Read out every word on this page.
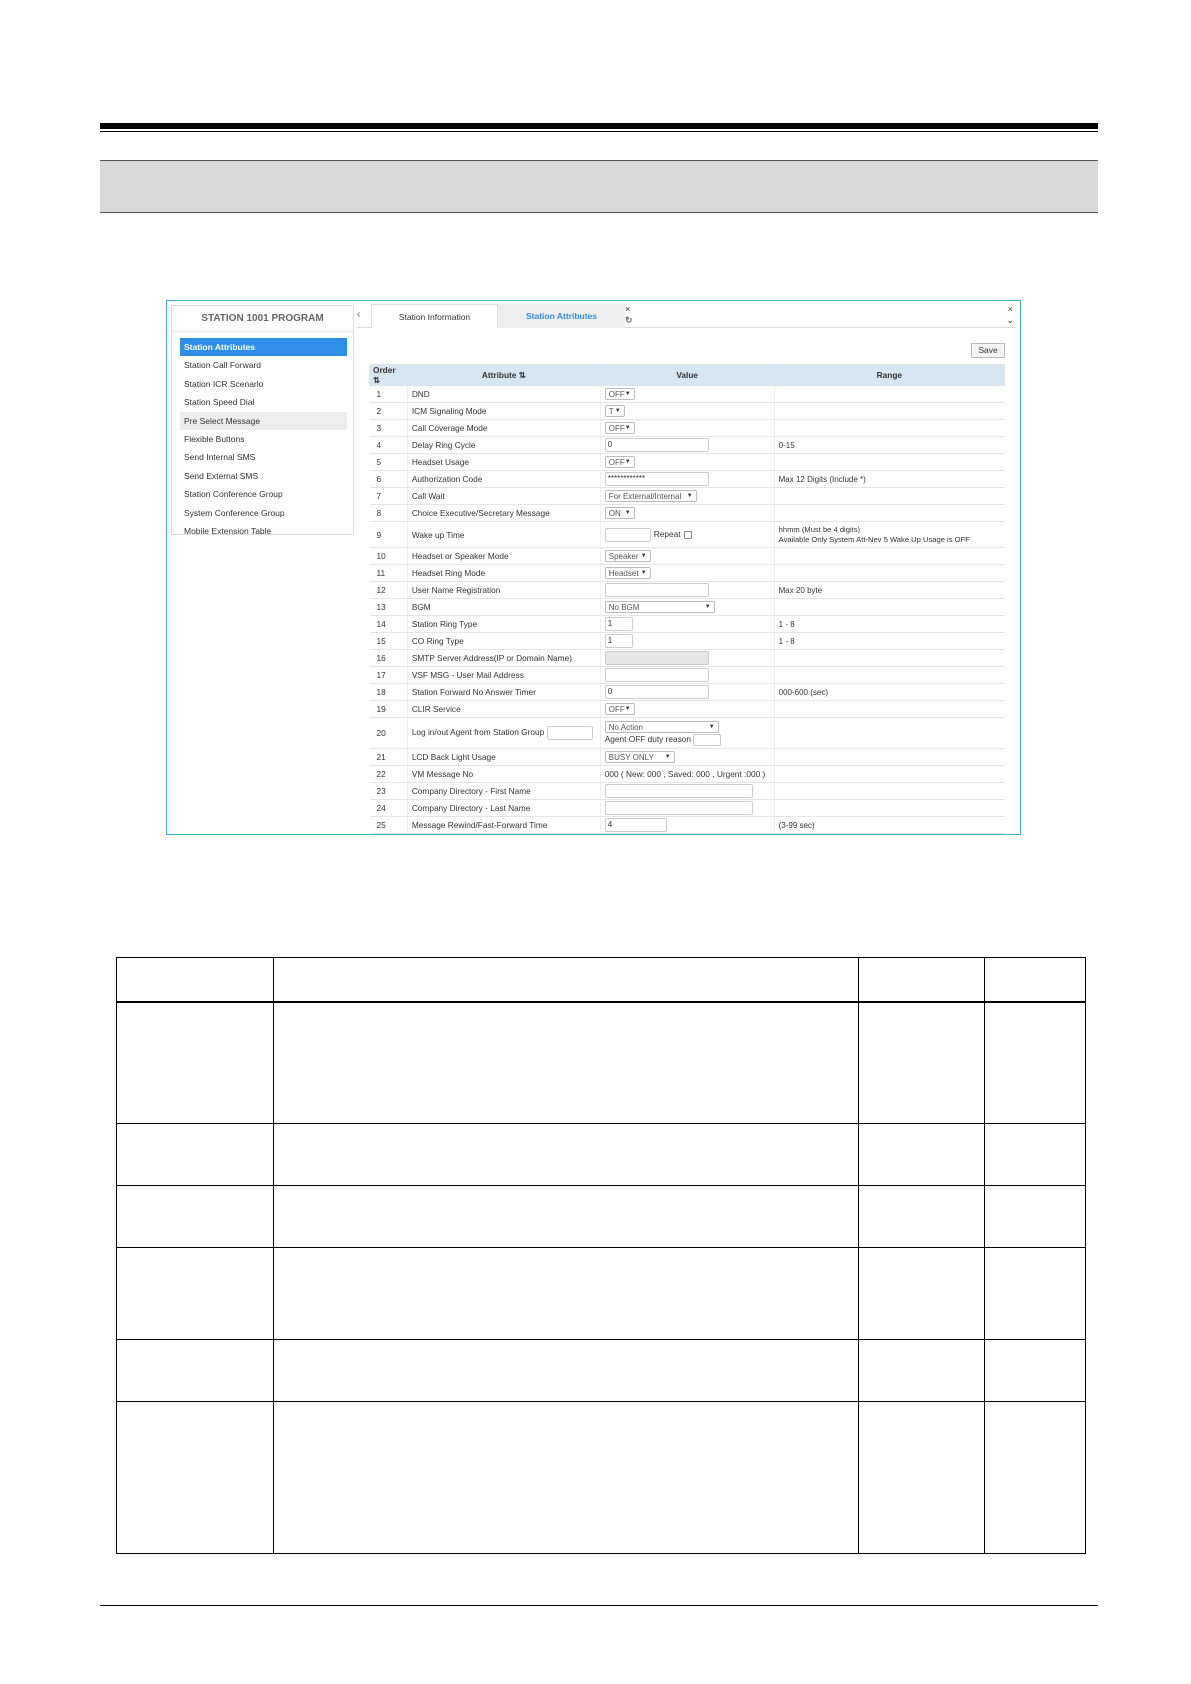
STATION 1001 PROGRAM
Station Attributes
Station Call Forward
Station ICR Scenario
Station Speed Dial
Pre Select Message
Flexible Buttons
Send Internal SMS
Send External SMS
Station Conference Group
System Conference Group
Mobile Extension Table
‹	Station Information	Station Attributes
×
↻
×
⌄
Save
Order ⇅	Attribute ⇅	Value	Range
1	DND	OFF ▼	

2	ICM Signaling Mode	T ▼	

3	Call Coverage Mode	OFF ▼	

4	Delay Ring Cycle	0	0-15

5	Headset Usage	OFF ▼	

6	Authorization Code	************	Max 12 Digits (Include *)

7	Call Wait	For External/Internal ▼	

8	Choice Executive/Secretary Message	ON ▼	

9	Wake up Time	Repeat	hhmm (Must be 4 digits)
Available Only System Att-Nev 5 Wake Up Usage is OFF

10	Headset or Speaker Mode	Speaker ▼	

11	Headset Ring Mode	Headset ▼	

12	User Name Registration		Max 20 byte

13	BGM	No BGM ▼	

14	Station Ring Type	1	1 - 8

15	CO Ring Type	1	1 - 8

16	SMTP Server Address(IP or Domain Name)		
17	VSF MSG - User Mail Address		
18	Station Forward No Answer Timer	0	000-600 (sec)

19	CLIR Service	OFF ▼	

20	Log in/out Agent from Station Group	No Action ▼
Agent OFF duty reason	

21	LCD Back Light Usage	BUSY ONLY ▼	

22	VM Message No	000 ( New: 000 , Saved: 000 , Urgent :000 )	
23	Company Directory - First Name		
24	Company Directory - Last Name		
25	Message Rewind/Fast-Forward Time	4	(3-99 sec)
